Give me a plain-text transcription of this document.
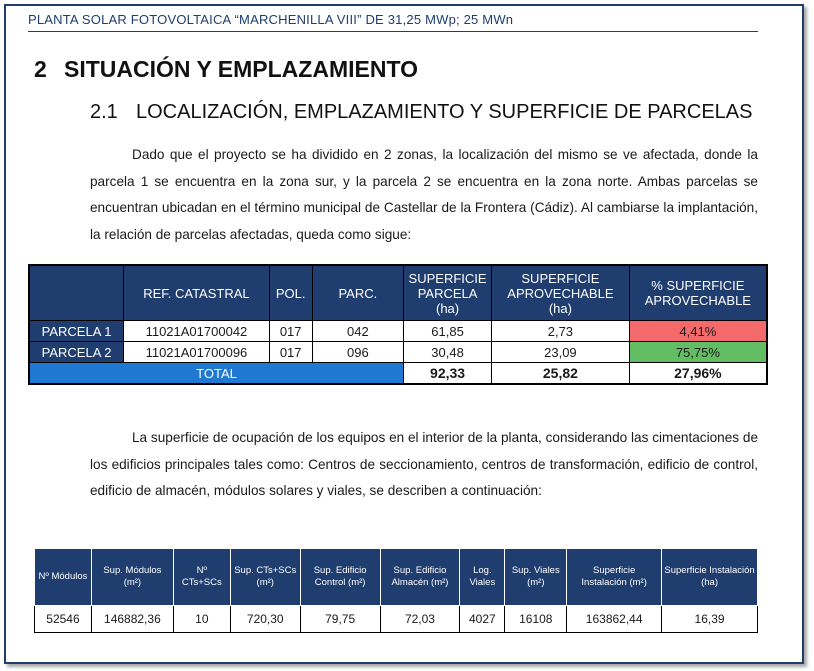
PLANTA SOLAR FOTOVOLTAICA “MARCHENILLA VIII” DE 31,25 MWp; 25 MWn
2 SITUACIÓN Y EMPLAZAMIENTO
2.1 LOCALIZACIÓN, EMPLAZAMIENTO Y SUPERFICIE DE PARCELAS
Dado que el proyecto se ha dividido en 2 zonas, la localización del mismo se ve afectada, donde la parcela 1 se encuentra en la zona sur, y la parcela 2 se encuentra en la zona norte. Ambas parcelas se encuentran ubicadan en el término municipal de Castellar de la Frontera (Cádiz). Al cambiarse la implantación, la relación de parcelas afectadas, queda como sigue:
	REF. CATASTRAL	POL.	PARC.	SUPERFICIE PARCELA (ha)	SUPERFICIE APROVECHABLE (ha)	% SUPERFICIE APROVECHABLE
PARCELA 1	11021A01700042	017	042	61,85	2,73	4,41%
PARCELA 2	11021A01700096	017	096	30,48	23,09	75,75%
TOTAL				92,33	25,82	27,96%
La superficie de ocupación de los equipos en el interior de la planta, considerando las cimentaciones de los edificios principales tales como: Centros de seccionamiento, centros de transformación, edificio de control, edificio de almacén, módulos solares y viales, se describen a continuación:
Nº Módulos	Sup. Módulos (m²)	Nº CTs+SCs	Sup. CTs+SCs (m²)	Sup. Edificio Control (m²)	Sup. Edificio Almacén (m²)	Log. Viales	Sup. Viales (m²)	Superficie Instalación (m²)	Superficie Instalación (ha)
52546	146882,36	10	720,30	79,75	72,03	4027	16108	163862,44	16,39
